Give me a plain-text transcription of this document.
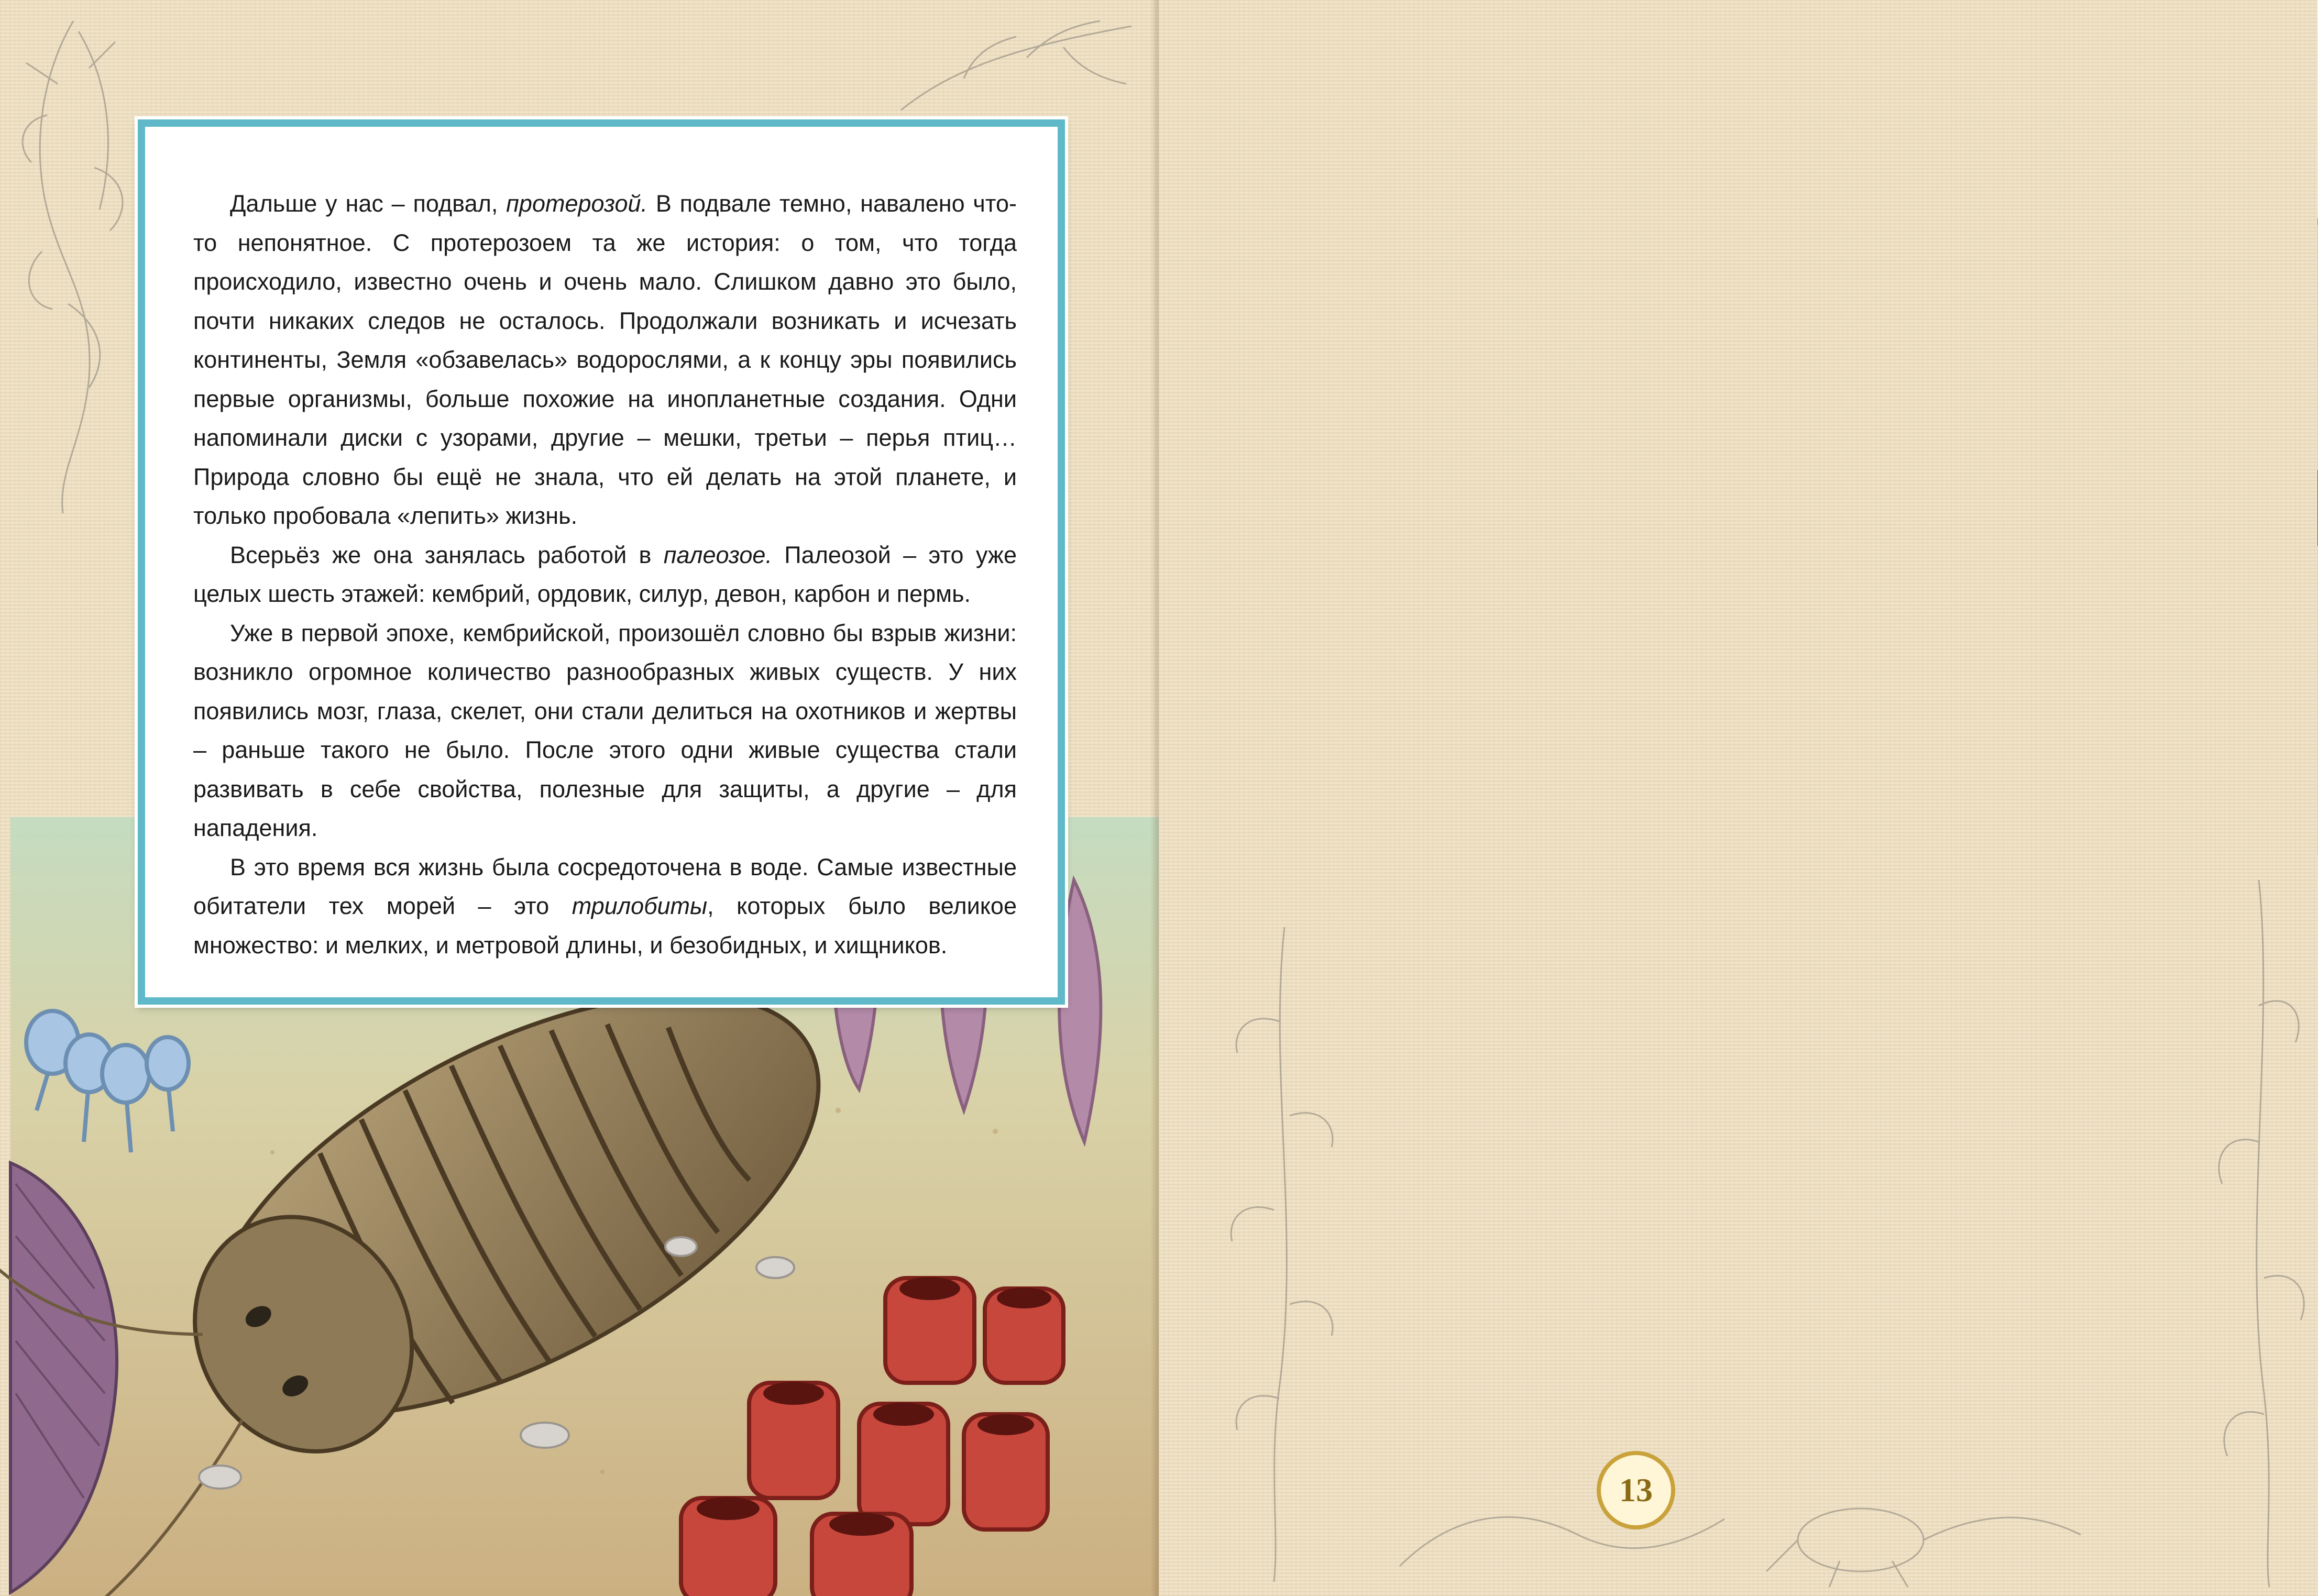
Дальше у нас – подвал, протерозой. В подвале темно, навалено что-то непонятное. С протерозоем та же история: о том, что тогда происходило, известно очень и очень мало. Слишком давно это было, почти никаких следов не осталось. Продолжали возникать и исчезать континенты, Земля «обзавелась» водорослями, а к концу эры появились первые организмы, больше похожие на инопланетные создания. Одни напоминали диски с узорами, другие – мешки, третьи – перья птиц… Природа словно бы ещё не знала, что ей делать на этой планете, и только пробовала «лепить» жизнь.

Всерьёз же она занялась работой в палеозое. Палеозой – это уже целых шесть этажей: кембрий, ордовик, силур, девон, карбон и пермь.

Уже в первой эпохе, кембрийской, произошёл словно бы взрыв жизни: возникло огромное количество разнообразных живых существ. У них появились мозг, глаза, скелет, они стали делиться на охотников и жертвы – раньше такого не было. После этого одни живые существа стали развивать в себе свойства, полезные для защиты, а другие – для нападения.

В это время вся жизнь была сосредоточена в воде. Самые известные обитатели тех морей – это трилобиты, которых было великое множество: и мелких, и метровой длины, и безобидных, и хищников.

13
